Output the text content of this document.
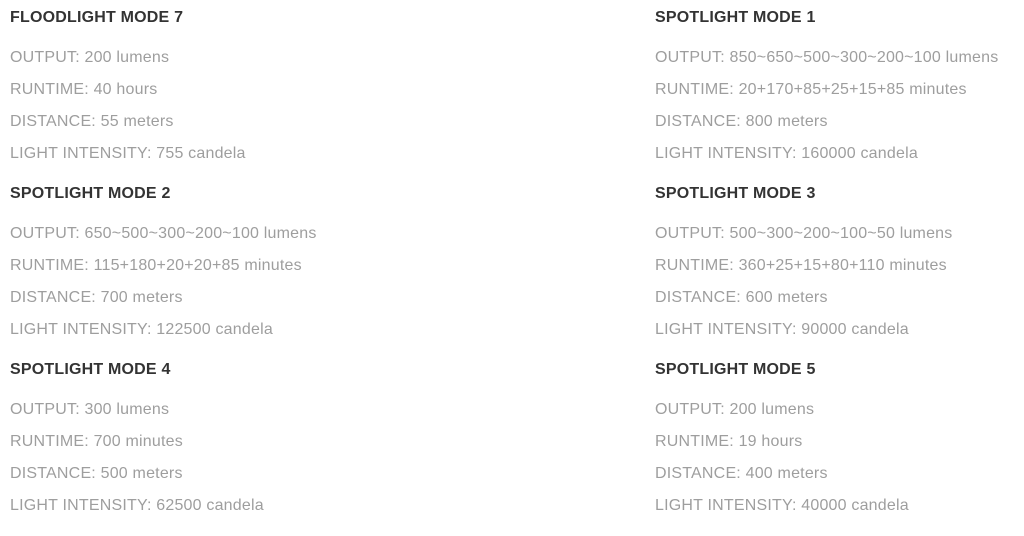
FLOODLIGHT MODE 7

OUTPUT: 200 lumens

RUNTIME: 40 hours

DISTANCE: 55 meters

LIGHT INTENSITY: 755 candela

SPOTLIGHT MODE 2

OUTPUT: 650~500~300~200~100 lumens

RUNTIME: 115+180+20+20+85 minutes

DISTANCE: 700 meters

LIGHT INTENSITY: 122500 candela

SPOTLIGHT MODE 4

OUTPUT: 300 lumens

RUNTIME: 700 minutes

DISTANCE: 500 meters

LIGHT INTENSITY: 62500 candela

SPOTLIGHT MODE 1

OUTPUT: 850~650~500~300~200~100 lumens

RUNTIME: 20+170+85+25+15+85 minutes

DISTANCE: 800 meters

LIGHT INTENSITY: 160000 candela

SPOTLIGHT MODE 3

OUTPUT: 500~300~200~100~50 lumens

RUNTIME: 360+25+15+80+110 minutes

DISTANCE: 600 meters

LIGHT INTENSITY: 90000 candela

SPOTLIGHT MODE 5

OUTPUT: 200 lumens

RUNTIME: 19 hours

DISTANCE: 400 meters

LIGHT INTENSITY: 40000 candela
